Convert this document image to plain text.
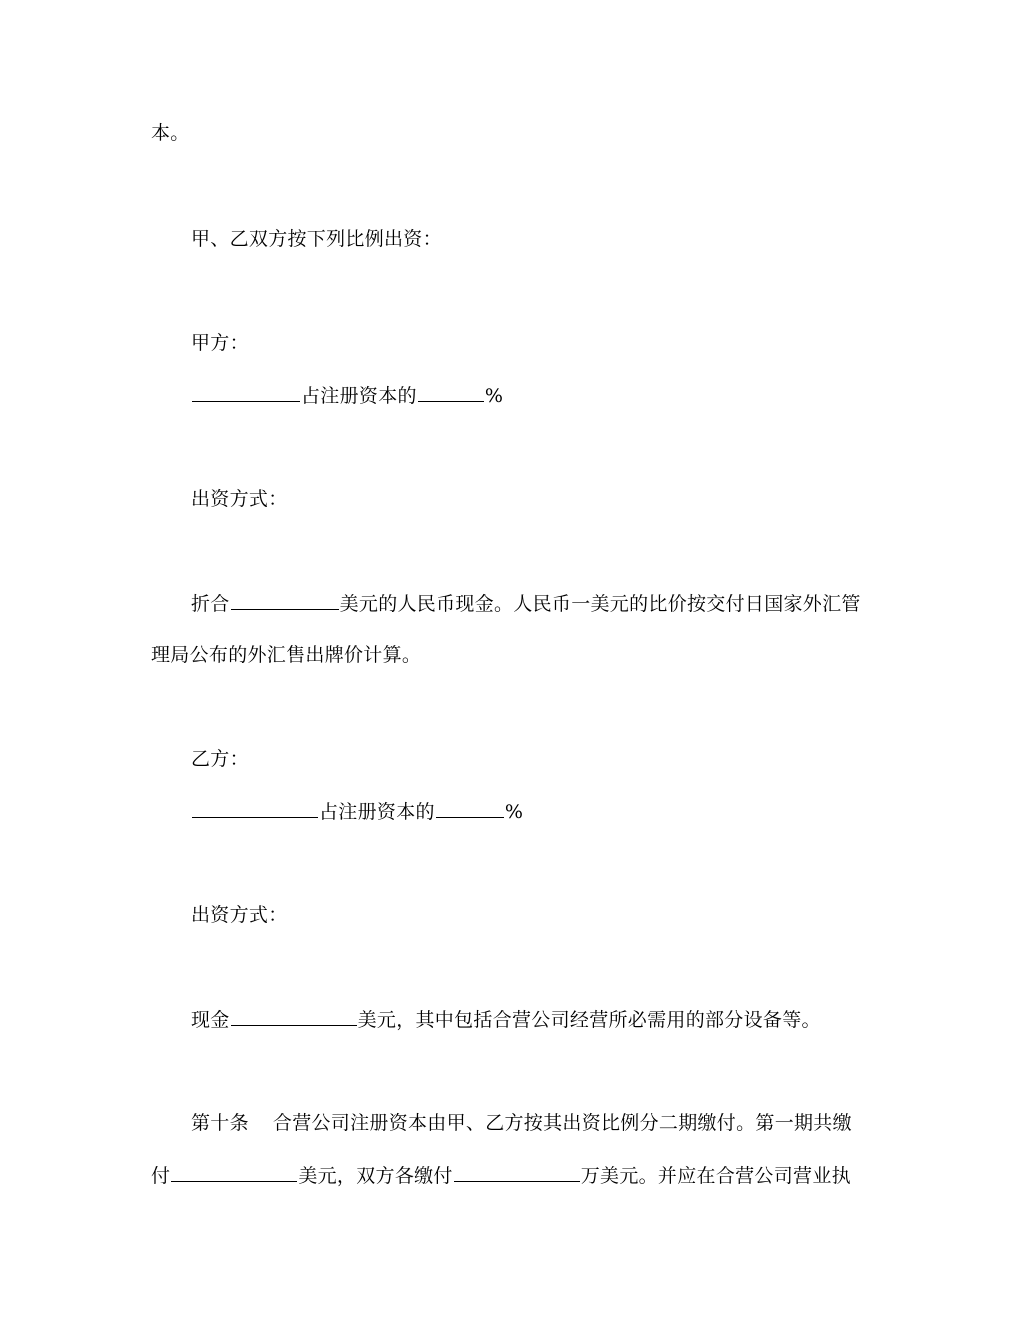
本。
甲、乙双方按下列比例出资：
甲方：
占注册资本的	%
出资方式：
折合	美元的人民币现金。人民币一美元的比价按交付日国家外汇管
理局公布的外汇售出牌价计算。
乙方：
占注册资本的	%
出资方式：
现金	美元，其中包括合营公司经营所必需用的部分设备等。
第十条 合营公司注册资本由甲、乙方按其出资比例分二期缴付。第一期共缴
付	美元，双方各缴付	万美元。并应在合营公司营业执
